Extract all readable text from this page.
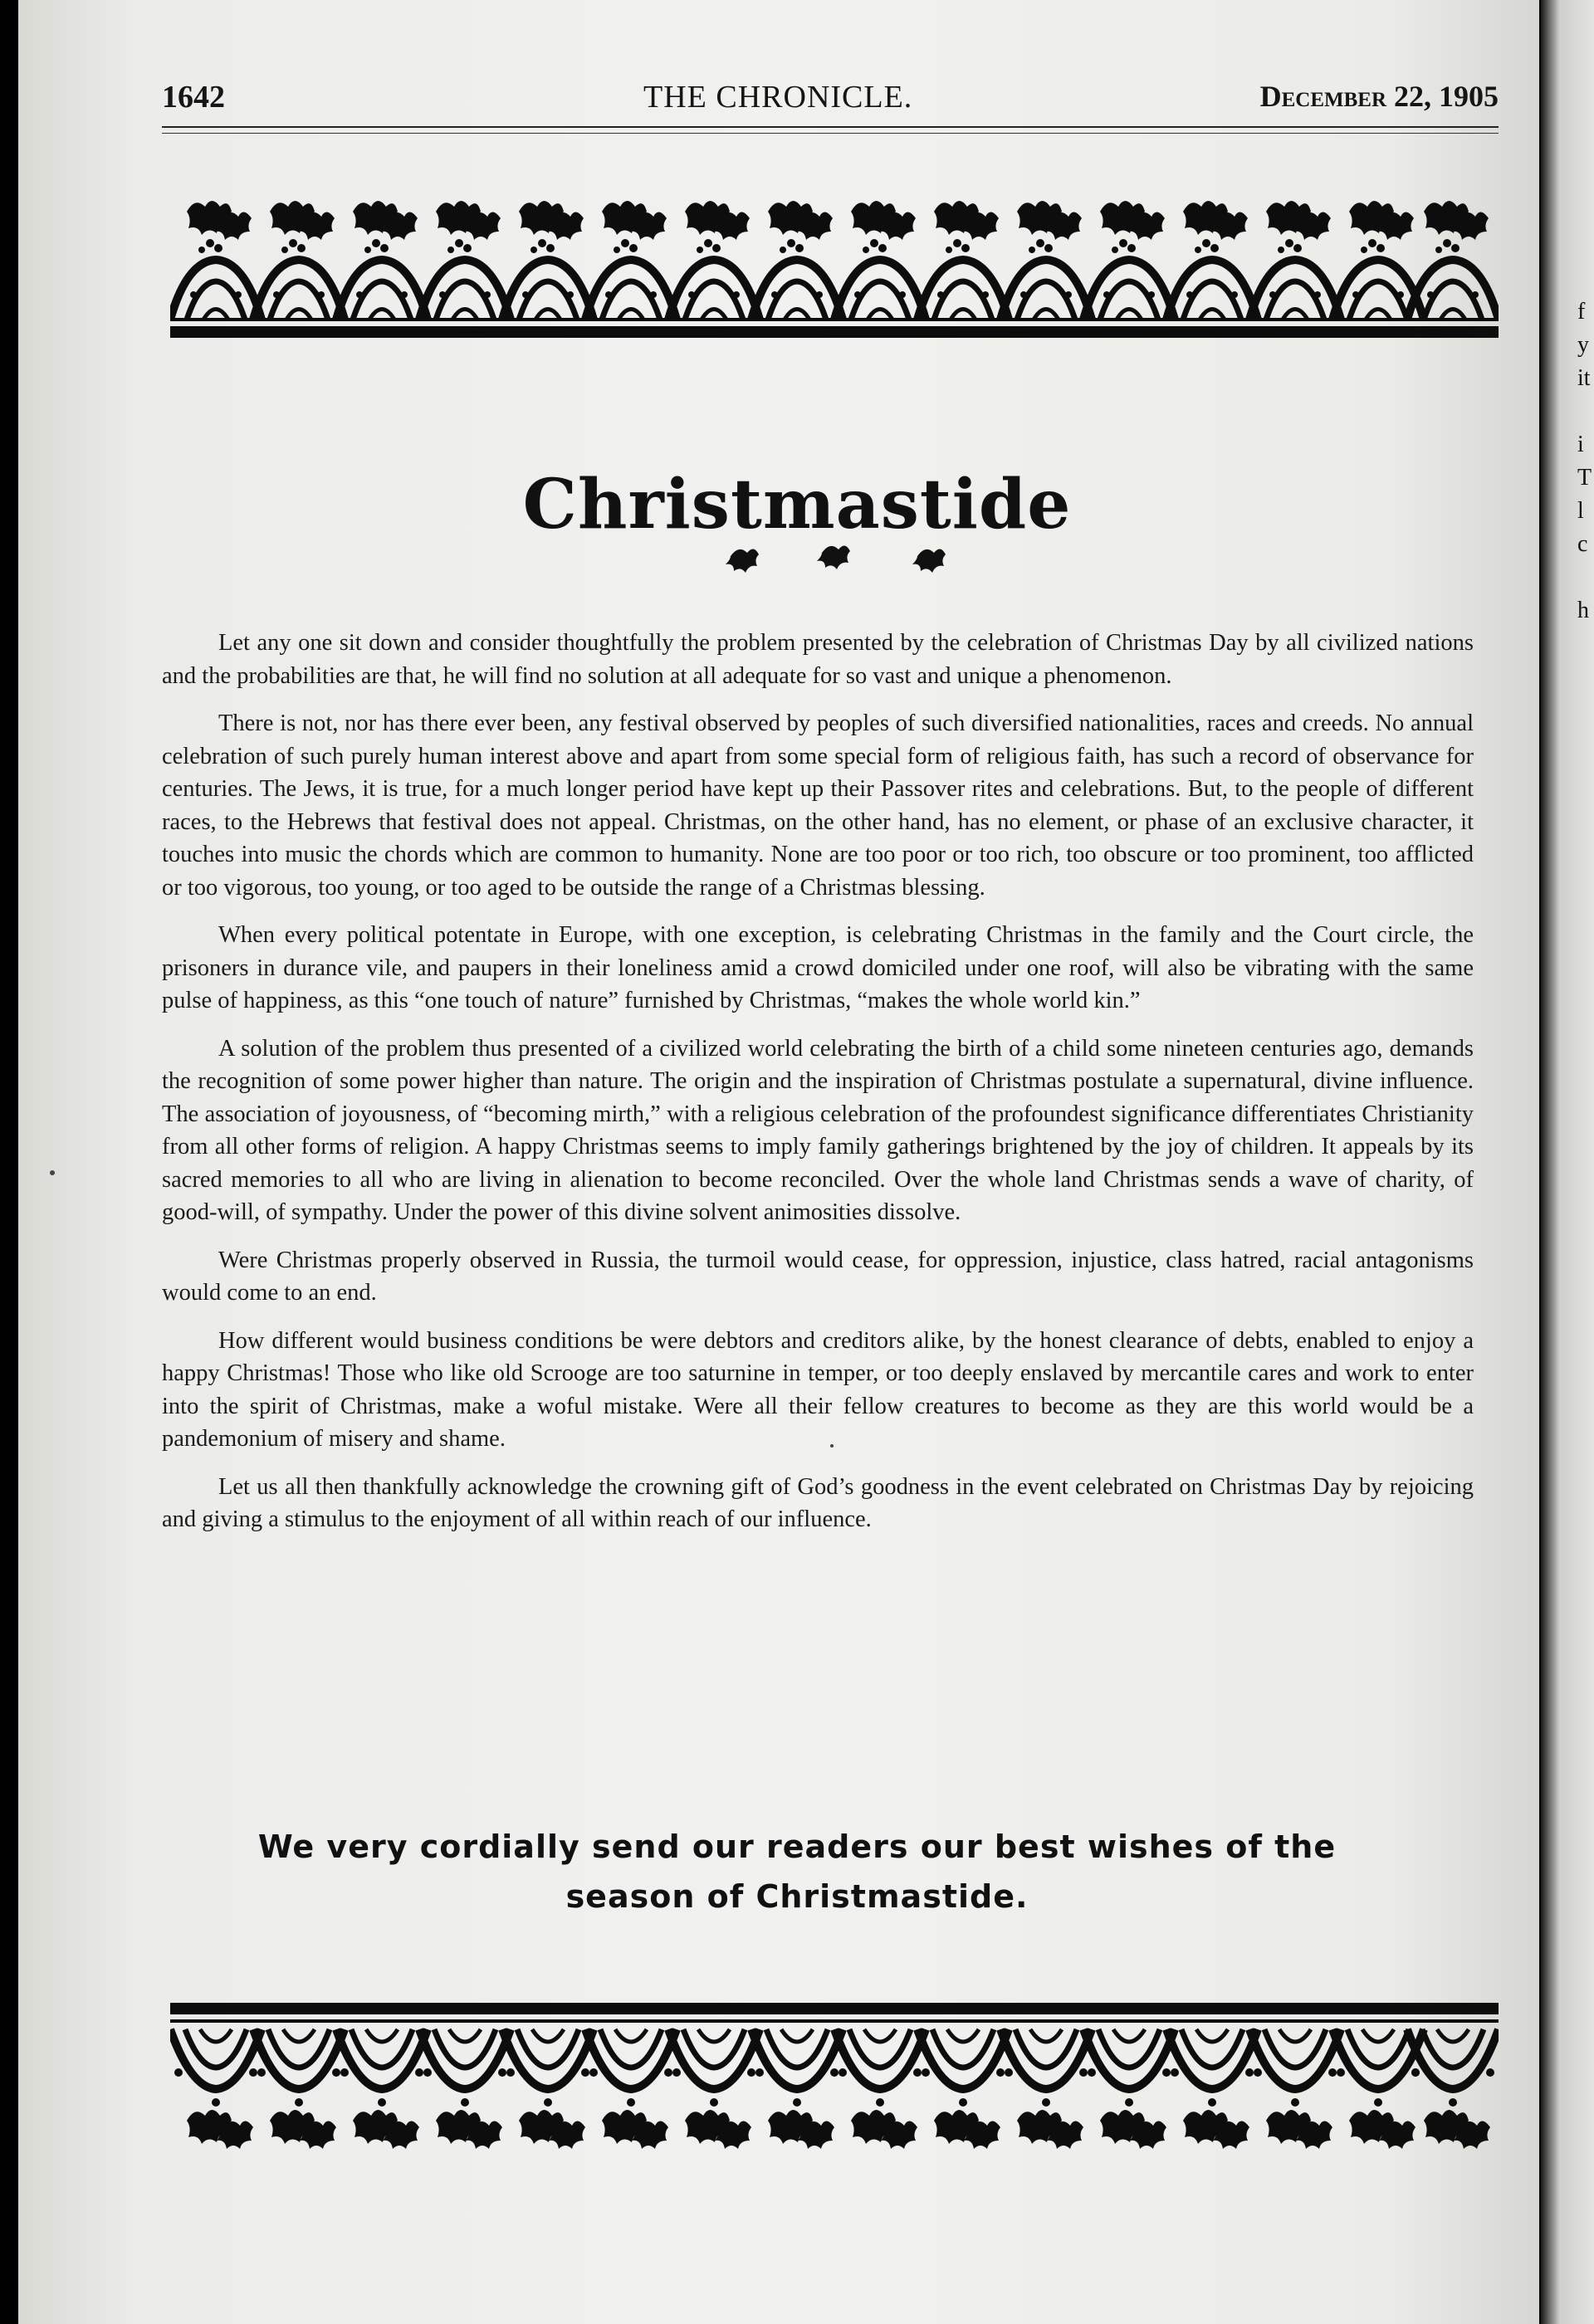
f
y
it
i
T
l
c
h
1642	THE CHRONICLE.	December 22, 1905
Christmastide

Let any one sit down and consider thoughtfully the problem presented by the celebration of Christmas Day by all civilized nations and the probabilities are that, he will find no solution at all adequate for so vast and unique a phenomenon.

There is not, nor has there ever been, any festival observed by peoples of such diversified nationalities, races and creeds. No annual celebration of such purely human interest above and apart from some special form of religious faith, has such a record of observance for centuries. The Jews, it is true, for a much longer period have kept up their Passover rites and celebrations. But, to the people of different races, to the Hebrews that festival does not appeal. Christmas, on the other hand, has no element, or phase of an exclusive character, it touches into music the chords which are common to humanity. None are too poor or too rich, too obscure or too prominent, too afflicted or too vigorous, too young, or too aged to be outside the range of a Christmas blessing.

When every political potentate in Europe, with one exception, is celebrating Christmas in the family and the Court circle, the prisoners in durance vile, and paupers in their loneliness amid a crowd domiciled under one roof, will also be vibrating with the same pulse of happiness, as this “one touch of nature” furnished by Christmas, “makes the whole world kin.”

A solution of the problem thus presented of a civilized world celebrating the birth of a child some nineteen centuries ago, demands the recognition of some power higher than nature. The origin and the inspiration of Christmas postulate a supernatural, divine influence. The association of joyousness, of “becoming mirth,” with a religious celebration of the profoundest significance differentiates Christianity from all other forms of religion. A happy Christmas seems to imply family gatherings brightened by the joy of children. It appeals by its sacred memories to all who are living in alienation to become reconciled. Over the whole land Christmas sends a wave of charity, of good-will, of sympathy. Under the power of this divine solvent animosities dissolve.

Were Christmas properly observed in Russia, the turmoil would cease, for oppression, injustice, class hatred, racial antagonisms would come to an end.

How different would business conditions be were debtors and creditors alike, by the honest clearance of debts, enabled to enjoy a happy Christmas! Those who like old Scrooge are too saturnine in temper, or too deeply enslaved by mercantile cares and work to enter into the spirit of Christmas, make a woful mistake. Were all their fellow creatures to become as they are this world would be a pandemonium of misery and shame.

Let us all then thankfully acknowledge the crowning gift of God’s goodness in the event celebrated on Christmas Day by rejoicing and giving a stimulus to the enjoyment of all within reach of our influence.

We very cordially send our readers our best wishes of the
season of Christmastide.
